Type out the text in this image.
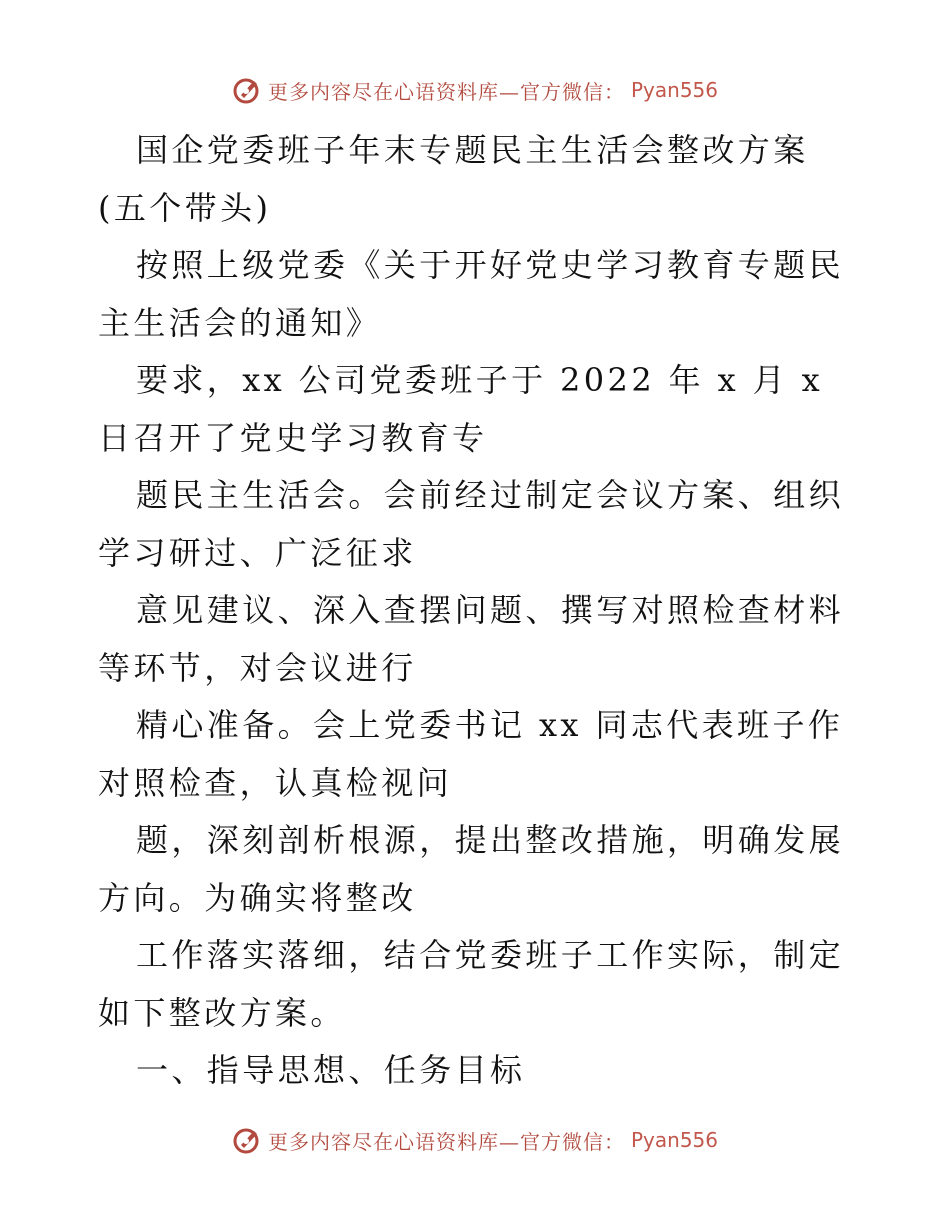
更多内容尽在心语资料库—官方微信： Pyan556

国企党委班子年末专题民主生活会整改方案(五个带头)

按照上级党委《关于开好党史学习教育专题民主生活会的通知》

要求，xx 公司党委班子于 2022 年 x 月 x 日召开了党史学习教育专

题民主生活会。会前经过制定会议方案、组织学习研过、广泛征求

意见建议、深入查摆问题、撰写对照检查材料等环节，对会议进行

精心准备。会上党委书记 xx 同志代表班子作对照检查，认真检视问

题，深刻剖析根源，提出整改措施，明确发展方向。为确实将整改

工作落实落细，结合党委班子工作实际，制定如下整改方案。

一、指导思想、任务目标

更多内容尽在心语资料库—官方微信： Pyan556
